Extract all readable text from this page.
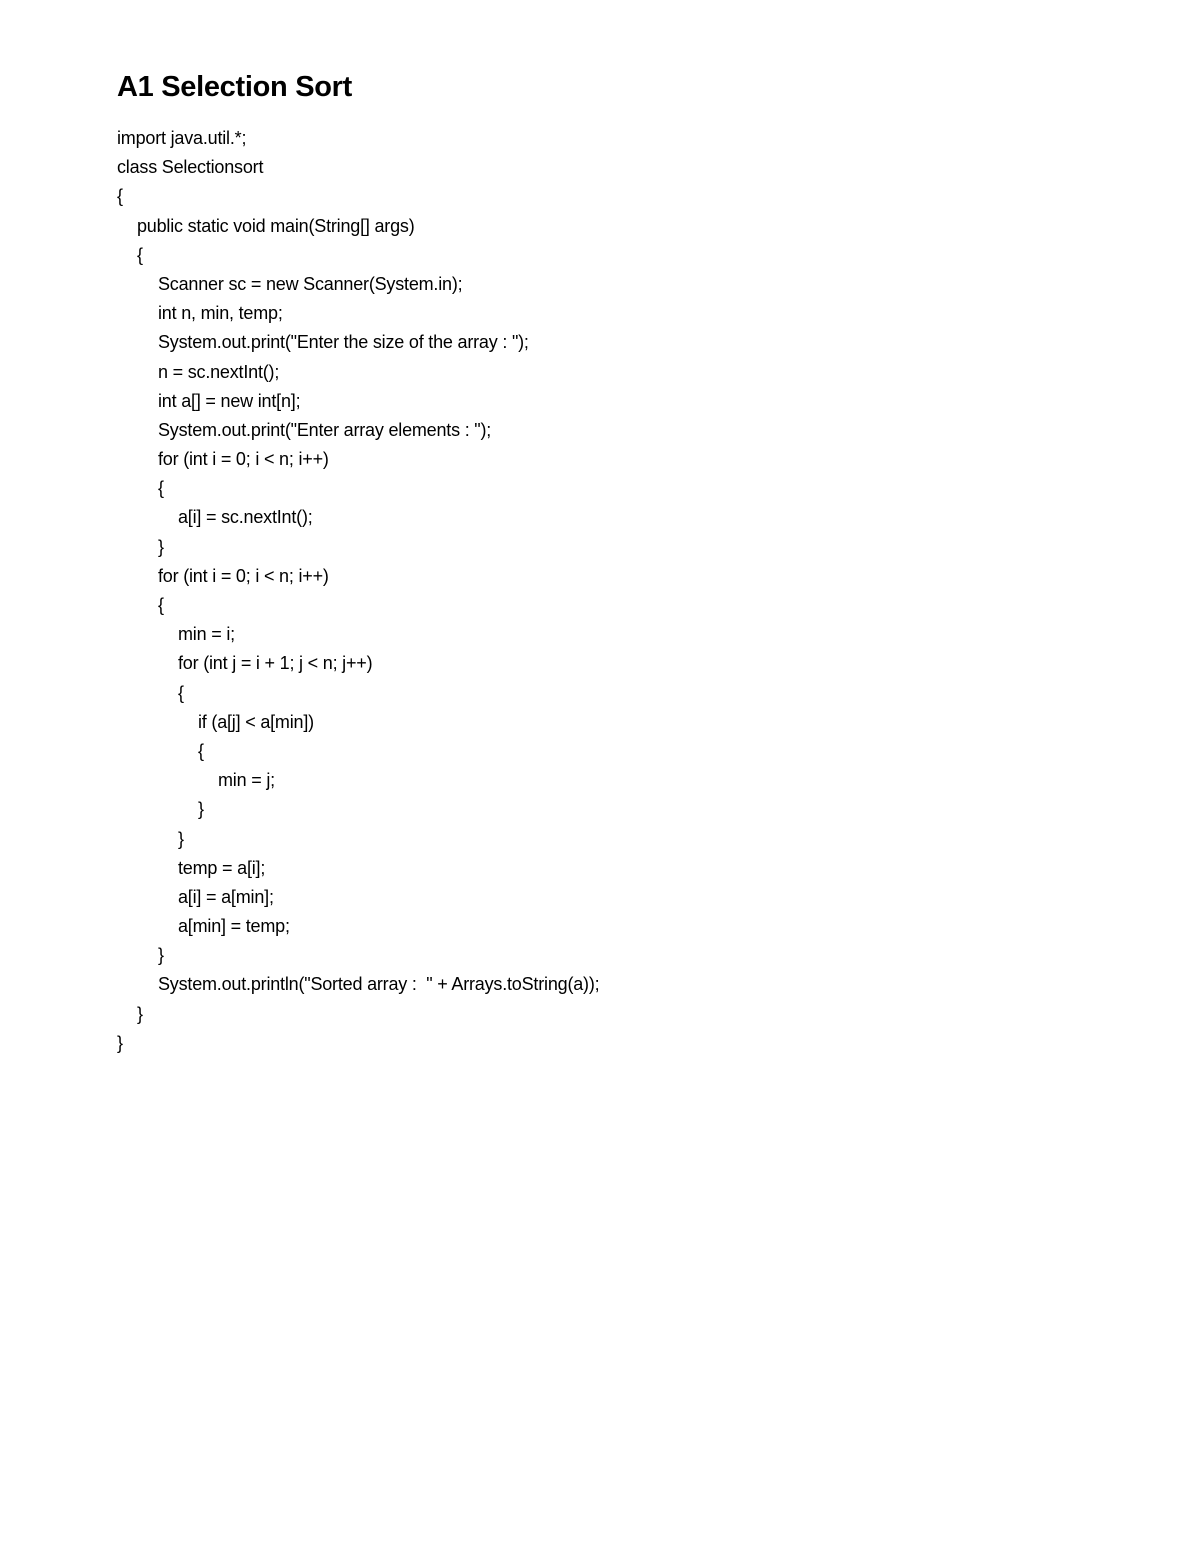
A1 Selection Sort
import java.util.*;
class Selectionsort
{
public static void main(String[] args)
{
Scanner sc = new Scanner(System.in);
int n, min, temp;
System.out.print("Enter the size of the array : ");
n = sc.nextInt();
int a[] = new int[n];
System.out.print("Enter array elements : ");
for (int i = 0; i < n; i++)
{
a[i] = sc.nextInt();
}
for (int i = 0; i < n; i++)
{
min = i;
for (int j = i + 1; j < n; j++)
{
if (a[j] < a[min])
{
min = j;
}
}
temp = a[i];
a[i] = a[min];
a[min] = temp;
}
System.out.println("Sorted array :  " + Arrays.toString(a));
}
}
